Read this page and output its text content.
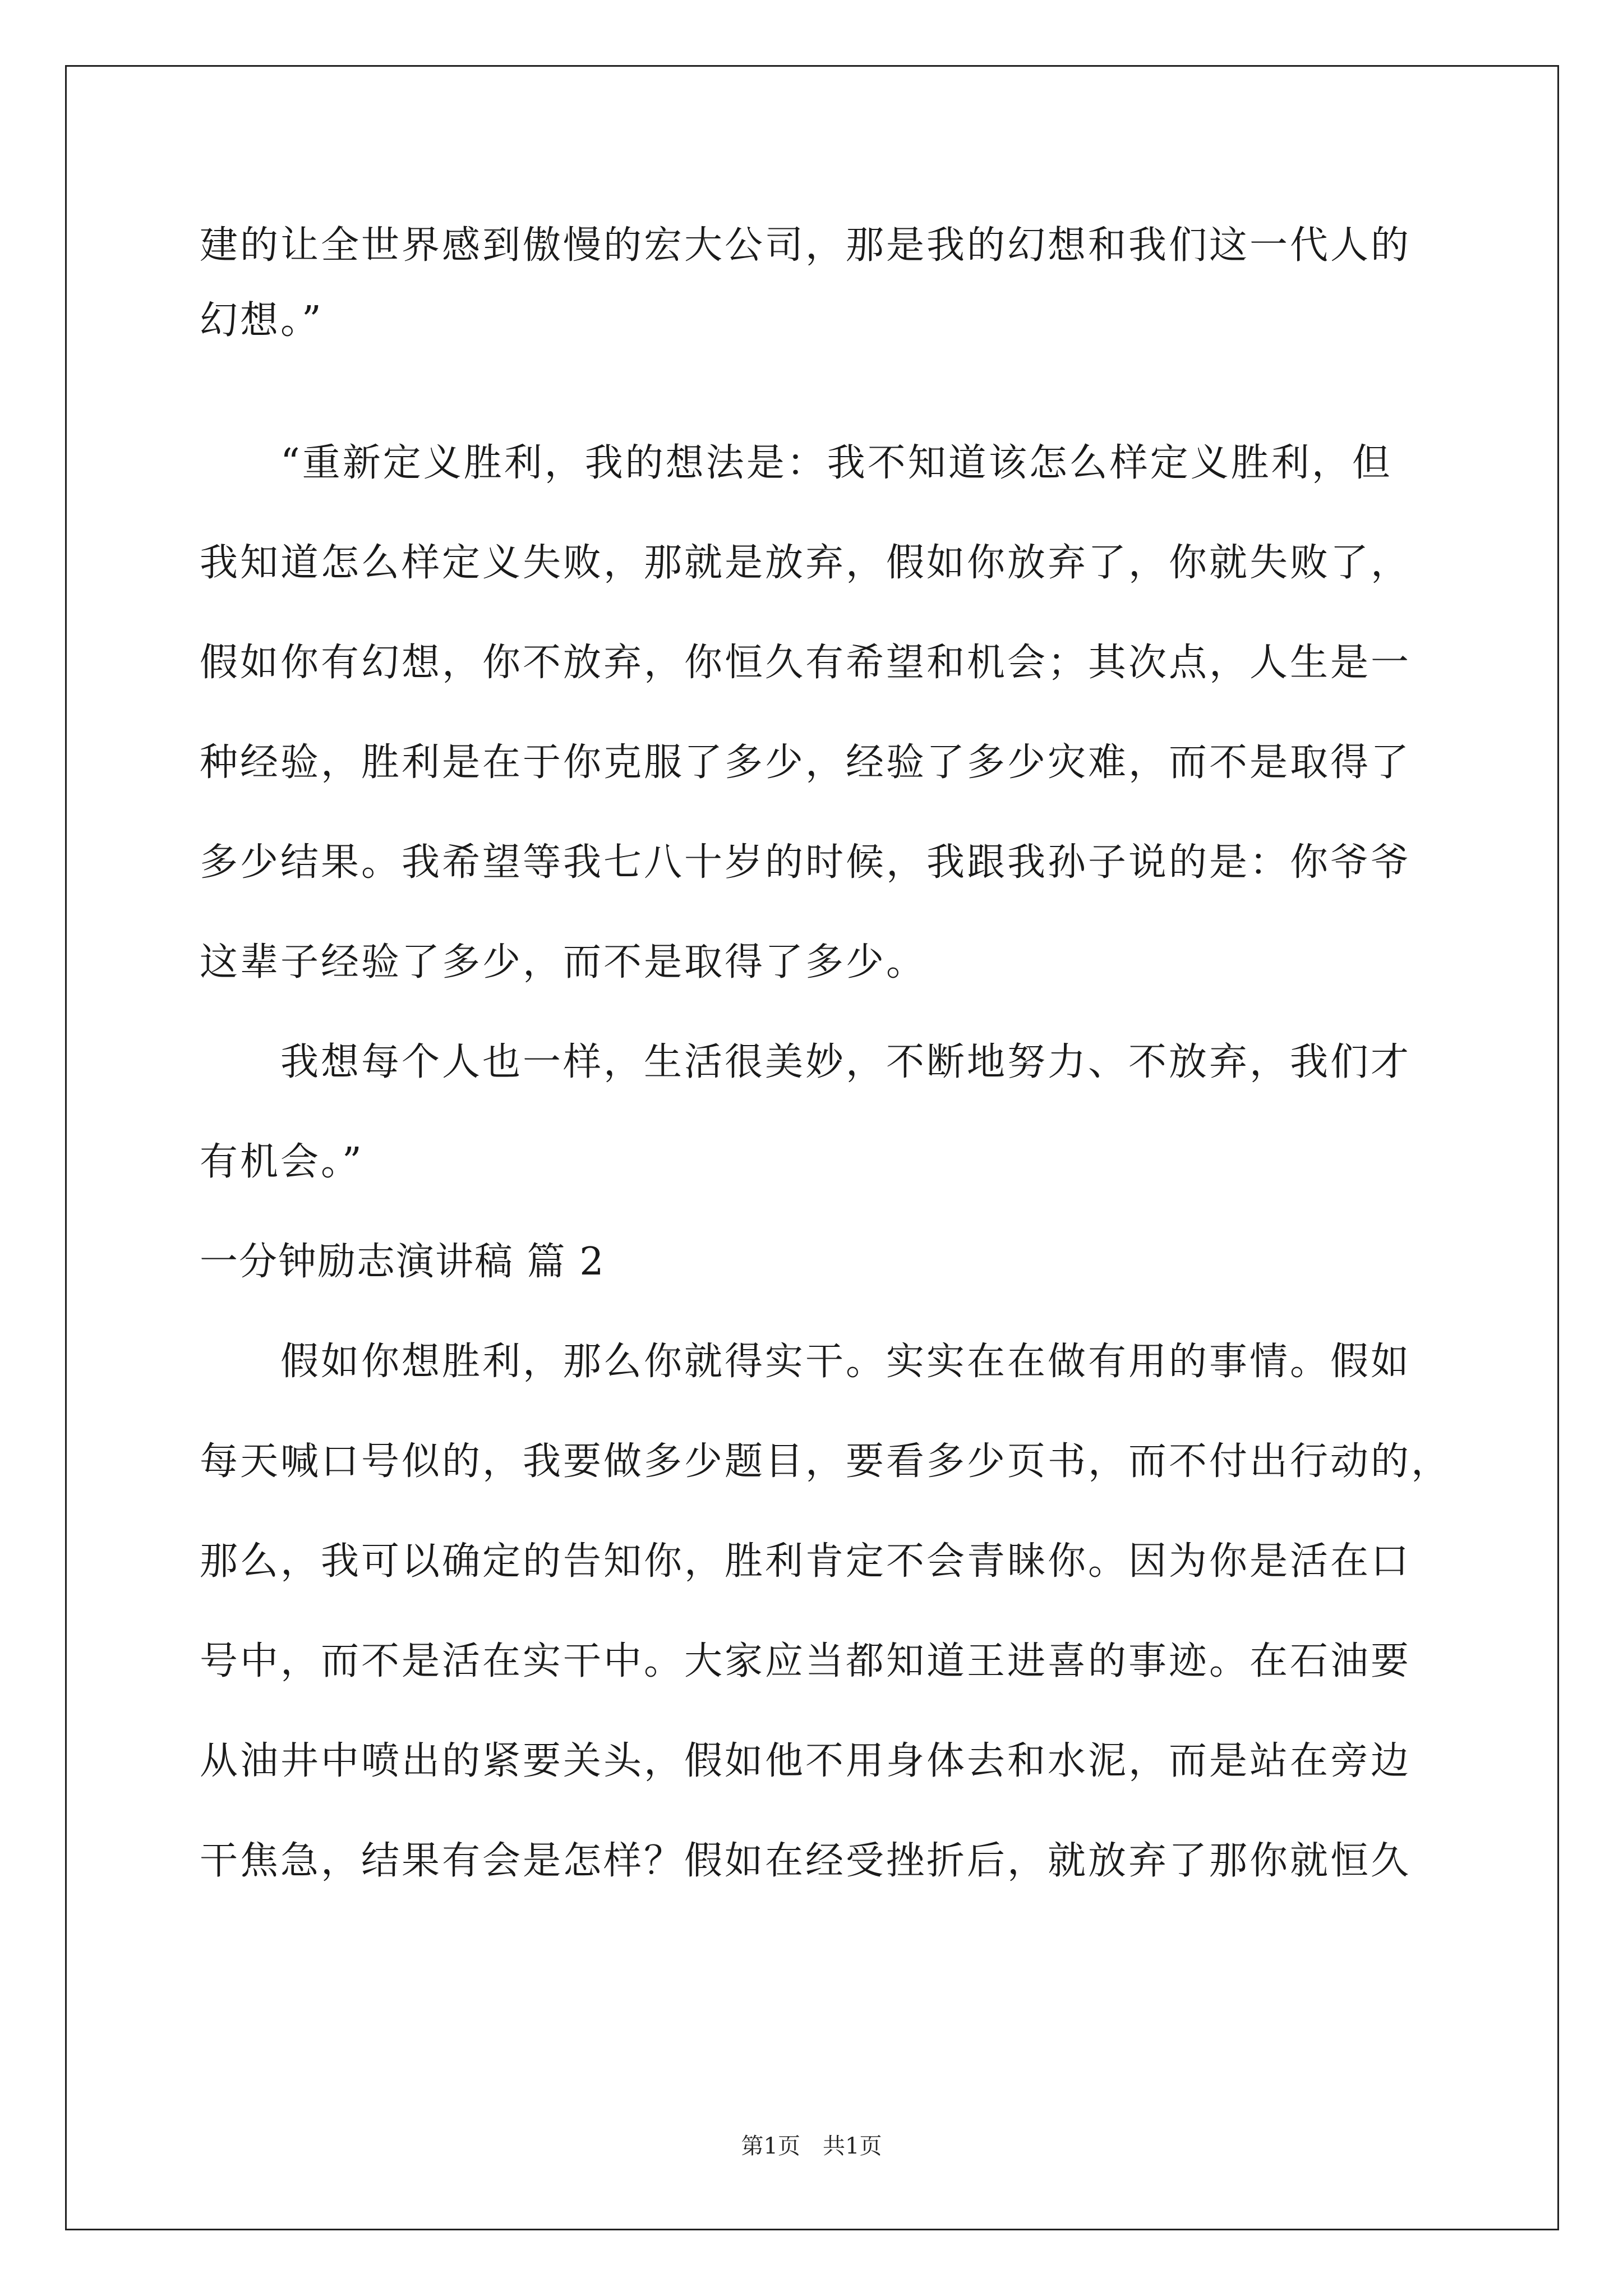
建的让全世界感到傲慢的宏大公司，那是我的幻想和我们这一代人的
幻想。”
“重新定义胜利，我的想法是：我不知道该怎么样定义胜利，但
我知道怎么样定义失败，那就是放弃，假如你放弃了，你就失败了，
假如你有幻想，你不放弃，你恒久有希望和机会；其次点，人生是一
种经验，胜利是在于你克服了多少，经验了多少灾难，而不是取得了
多少结果。我希望等我七八十岁的时候，我跟我孙子说的是：你爷爷
这辈子经验了多少，而不是取得了多少。
我想每个人也一样，生活很美妙，不断地努力、不放弃，我们才
有机会。”
一分钟励志演讲稿 篇 2
假如你想胜利，那么你就得实干。实实在在做有用的事情。假如
每天喊口号似的，我要做多少题目，要看多少页书，而不付出行动的，
那么，我可以确定的告知你，胜利肯定不会青睐你。因为你是活在口
号中，而不是活在实干中。大家应当都知道王进喜的事迹。在石油要
从油井中喷出的紧要关头，假如他不用身体去和水泥，而是站在旁边
干焦急，结果有会是怎样？假如在经受挫折后，就放弃了那你就恒久
第1页 共1页
